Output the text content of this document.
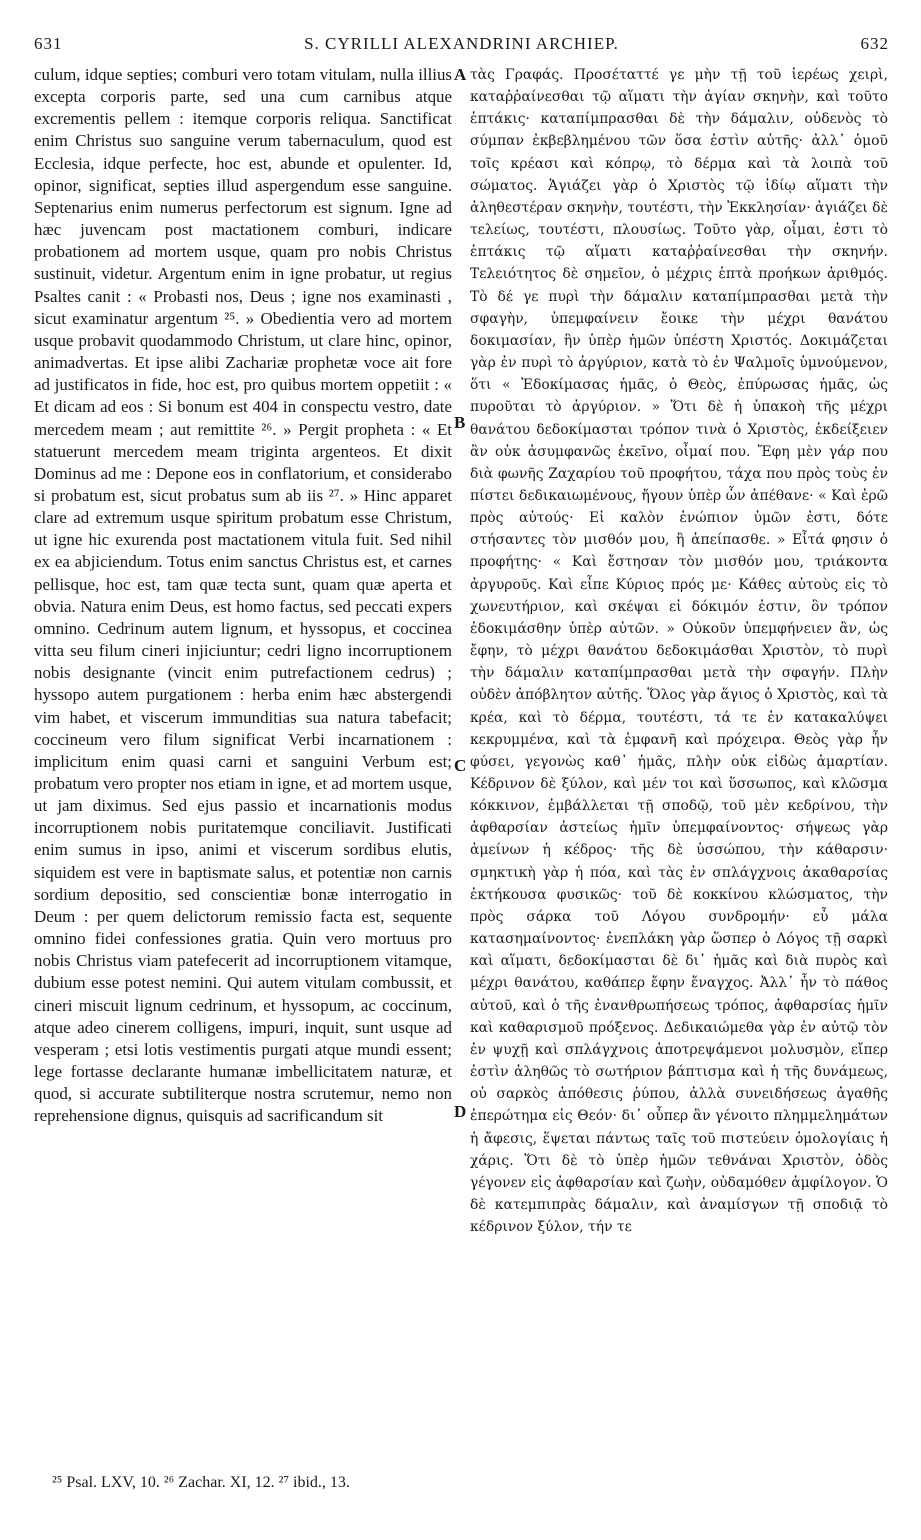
631	S. CYRILLI ALEXANDRINI ARCHIEP.	632

culum, idque septies; comburi vero totam vitulam, nulla illius excepta corporis parte, sed una cum carnibus atque excrementis pellem : itemque corporis reliqua. Sanctificat enim Christus suo sanguine verum tabernaculum, quod est Ecclesia, idque perfecte, hoc est, abunde et opulenter. Id, opinor, significat, septies illud aspergendum esse sanguine. Septenarius enim numerus perfectorum est signum. Igne ad hæc juvencam post mactationem comburi, indicare probationem ad mortem usque, quam pro nobis Christus sustinuit, videtur. Argentum enim in igne probatur, ut regius Psaltes canit : « Probasti nos, Deus ; igne nos examinasti , sicut examinatur argentum ²⁵. » Obedientia vero ad mortem usque probavit quodammodo Christum, ut clare hinc, opinor, animadvertas. Et ipse alibi Zachariæ prophetæ voce ait fore ad justificatos in fide, hoc est, pro quibus mortem oppetiit : « Et dicam ad eos : Si bonum est 404 in conspectu vestro, date mercedem meam ; aut remittite ²⁶. » Pergit propheta : « Et statuerunt mercedem meam triginta argenteos. Et dixit Dominus ad me : Depone eos in conflatorium, et considerabo si probatum est, sicut probatus sum ab iis ²⁷. » Hinc apparet clare ad extremum usque spiritum probatum esse Christum, ut igne hic exurenda post mactationem vitula fuit. Sed nihil ex ea abjiciendum. Totus enim sanctus Christus est, et carnes pellisque, hoc est, tam quæ tecta sunt, quam quæ aperta et obvia. Natura enim Deus, est homo factus, sed peccati expers omnino. Cedrinum autem lignum, et hyssopus, et coccinea vitta seu filum cineri injiciuntur; cedri ligno incorruptionem nobis designante (vincit enim putrefactionem cedrus) ; hyssopo autem purgationem : herba enim hæc abstergendi vim habet, et viscerum immunditias sua natura tabefacit; coccineum vero filum significat Verbi incarnationem : implicitum enim quasi carni et sanguini Verbum est; probatum vero propter nos etiam in igne, et ad mortem usque, ut jam diximus. Sed ejus passio et incarnationis modus incorruptionem nobis puritatemque conciliavit. Justificati enim sumus in ipso, animi et viscerum sordibus elutis, siquidem est vere in baptismate salus, et potentiæ non carnis sordium depositio, sed conscientiæ bonæ interrogatio in Deum : per quem delictorum remissio facta est, sequente omnino fidei confessiones gratia. Quin vero mortuus pro nobis Christus viam patefecerit ad incorruptionem vitamque, dubium esse potest nemini. Qui autem vitulam combussit, et cineri miscuit lignum cedrinum, et hyssopum, ac coccinum, atque adeo cinerem colligens, impuri, inquit, sunt usque ad vesperam ; etsi lotis vestimentis purgati atque mundi essent; lege fortasse declarante humanæ imbellicitatem naturæ, et quod, si accurate subtiliterque nostra scrutemur, nemo non reprehensione dignus, quisquis ad sacrificandum sit

A
B
C
D

τὰς Γραφάς. Προσέταττέ γε μὴν τῇ τοῦ ἱερέως χειρὶ, καταῤῥαίνεσθαι τῷ αἵματι τὴν ἁγίαν σκηνὴν, καὶ τοῦτο ἑπτάκις· καταπίμπρασθαι δὲ τὴν δάμαλιν, οὐδενὸς τὸ σύμπαν ἐκβεβλημένου τῶν ὅσα ἐστὶν αὐτῆς· ἀλλ᾽ ὁμοῦ τοῖς κρέασι καὶ κόπρῳ, τὸ δέρμα καὶ τὰ λοιπὰ τοῦ σώματος. Ἁγιάζει γὰρ ὁ Χριστὸς τῷ ἰδίῳ αἵματι τὴν ἀληθεστέραν σκηνὴν, τουτέστι, τὴν Ἐκκλησίαν· ἁγιάζει δὲ τελείως, τουτέστι, πλουσίως. Τοῦτο γὰρ, οἶμαι, ἐστι τὸ ἑπτάκις τῷ αἵματι καταῤῥαίνεσθαι τὴν σκηνήν. Τελειότητος δὲ σημεῖον, ὁ μέχρις ἑπτὰ προήκων ἀριθμός. Τὸ δέ γε πυρὶ τὴν δάμαλιν καταπίμπρασθαι μετὰ τὴν σφαγὴν, ὑπεμφαίνειν ἔοικε τὴν μέχρι θανάτου δοκιμασίαν, ἣν ὑπὲρ ἡμῶν ὑπέστη Χριστός. Δοκιμάζεται γὰρ ἐν πυρὶ τὸ ἀργύριον, κατὰ τὸ ἐν Ψαλμοῖς ὑμνούμενον, ὅτι « Ἐδοκίμασας ἡμᾶς, ὁ Θεὸς, ἐπύρωσας ἡμᾶς, ὡς πυροῦται τὸ ἀργύριον. » Ὅτι δὲ ἡ ὑπακοὴ τῆς μέχρι θανάτου δεδοκίμασται τρόπον τινὰ ὁ Χριστὸς, ἐκδείξειεν ἂν οὐκ ἀσυμφανῶς ἐκεῖνο, οἶμαί που. Ἔφη μὲν γάρ που διὰ φωνῆς Ζαχαρίου τοῦ προφήτου, τάχα που πρὸς τοὺς ἐν πίστει δεδικαιωμένους, ἤγουν ὑπὲρ ὧν ἀπέθανε· « Καὶ ἐρῶ πρὸς αὐτούς· Εἰ καλὸν ἐνώπιον ὑμῶν ἐστι, δότε στήσαντες τὸν μισθόν μου, ἢ ἀπείπασθε. » Εἶτά φησιν ὁ προφήτης· « Καὶ ἔστησαν τὸν μισθόν μου, τριάκοντα ἀργυροῦς. Καὶ εἶπε Κύριος πρός με· Κάθες αὐτοὺς εἰς τὸ χωνευτήριον, καὶ σκέψαι εἰ δόκιμόν ἐστιν, ὃν τρόπον ἐδοκιμάσθην ὑπὲρ αὐτῶν. » Οὐκοῦν ὑπεμφήνειεν ἂν, ὡς ἔφην, τὸ μέχρι θανάτου δεδοκιμάσθαι Χριστὸν, τὸ πυρὶ τὴν δάμαλιν καταπίμπρασθαι μετὰ τὴν σφαγήν. Πλὴν οὐδὲν ἀπόβλητον αὐτῆς. Ὅλος γὰρ ἅγιος ὁ Χριστὸς, καὶ τὰ κρέα, καὶ τὸ δέρμα, τουτέστι, τά τε ἐν κατακαλύψει κεκρυμμένα, καὶ τὰ ἐμφανῆ καὶ πρόχειρα. Θεὸς γὰρ ἦν φύσει, γεγονὼς καθ᾽ ἡμᾶς, πλὴν οὐκ εἰδὼς ἁμαρτίαν. Κέδρινον δὲ ξύλον, καὶ μέν τοι καὶ ὕσσωπος, καὶ κλῶσμα κόκκινον, ἐμβάλλεται τῇ σποδῷ, τοῦ μὲν κεδρίνου, τὴν ἀφθαρσίαν ἀστείως ἡμῖν ὑπεμφαίνοντος· σήψεως γὰρ ἀμείνων ἡ κέδρος· τῆς δὲ ὑσσώπου, τὴν κάθαρσιν· σμηκτικὴ γὰρ ἡ πόα, καὶ τὰς ἐν σπλάγχνοις ἀκαθαρσίας ἐκτήκουσα φυσικῶς· τοῦ δὲ κοκκίνου κλώσματος, τὴν πρὸς σάρκα τοῦ Λόγου συνδρομήν· εὖ μάλα κατασημαίνοντος· ἐνεπλάκη γὰρ ὥσπερ ὁ Λόγος τῇ σαρκὶ καὶ αἵματι, δεδοκίμασται δὲ δι᾽ ἡμᾶς καὶ διὰ πυρὸς καὶ μέχρι θανάτου, καθάπερ ἔφην ἔναγχος. Ἀλλ᾽ ἦν τὸ πάθος αὐτοῦ, καὶ ὁ τῆς ἐνανθρωπήσεως τρόπος, ἀφθαρσίας ἡμῖν καὶ καθαρισμοῦ πρόξενος. Δεδικαιώμεθα γὰρ ἐν αὐτῷ τὸν ἐν ψυχῇ καὶ σπλάγχνοις ἀποτρεψάμενοι μολυσμὸν, εἴπερ ἐστὶν ἀληθῶς τὸ σωτήριον βάπτισμα καὶ ἡ τῆς δυνάμεως, οὐ σαρκὸς ἀπόθεσις ῥύπου, ἀλλὰ συνειδήσεως ἀγαθῆς ἐπερώτημα εἰς Θεόν· δι᾽ οὗπερ ἂν γένοιτο πλημμελημάτων ἡ ἄφεσις, ἕψεται πάντως ταῖς τοῦ πιστεύειν ὁμολογίαις ἡ χάρις. Ὅτι δὲ τὸ ὑπὲρ ἡμῶν τεθνάναι Χριστὸν, ὁδὸς γέγονεν εἰς ἀφθαρσίαν καὶ ζωὴν, οὐδαμόθεν ἀμφίλογον. Ὁ δὲ κατεμπιπρὰς δάμαλιν, καὶ ἀναμίσγων τῇ σποδιᾷ τὸ κέδρινον ξύλον, τήν τε

²⁵ Psal. LXV, 10. ²⁶ Zachar. XI, 12. ²⁷ ibid., 13.
